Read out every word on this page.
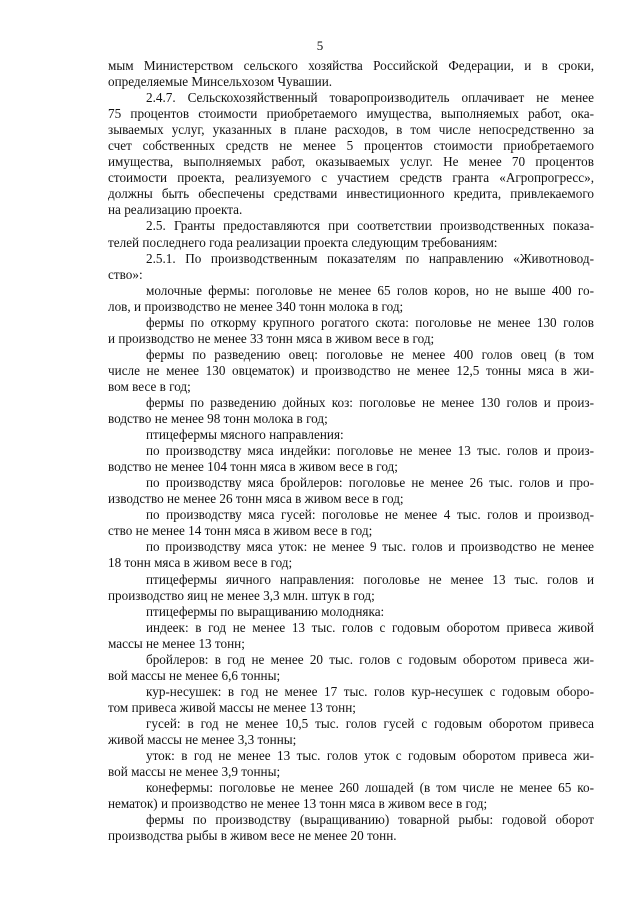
5
мым Министерством сельского хозяйства Российской Федерации, и в сроки,
определяемые Минсельхозом Чувашии.
2.4.7. Сельскохозяйственный товаропроизводитель оплачивает не менее
75 процентов стоимости приобретаемого имущества, выполняемых работ, ока-
зываемых услуг, указанных в плане расходов, в том числе непосредственно за
счет собственных средств не менее 5 процентов стоимости приобретаемого
имущества, выполняемых работ, оказываемых услуг. Не менее 70 процентов
стоимости проекта, реализуемого с участием средств гранта «Агропрогресс»,
должны быть обеспечены средствами инвестиционного кредита, привлекаемого
на реализацию проекта.
2.5. Гранты предоставляются при соответствии производственных показа-
телей последнего года реализации проекта следующим требованиям:
2.5.1. По производственным показателям по направлению «Животновод-
ство»:
молочные фермы: поголовье не менее 65 голов коров, но не выше 400 го-
лов, и производство не менее 340 тонн молока в год;
фермы по откорму крупного рогатого скота: поголовье не менее 130 голов
и производство не менее 33 тонн мяса в живом весе в год;
фермы по разведению овец: поголовье не менее 400 голов овец (в том
числе не менее 130 овцематок) и производство не менее 12,5 тонны мяса в жи-
вом весе в год;
фермы по разведению дойных коз: поголовье не менее 130 голов и произ-
водство не менее 98 тонн молока в год;
птицефермы мясного направления:
по производству мяса индейки: поголовье не менее 13 тыс. голов и произ-
водство не менее 104 тонн мяса в живом весе в год;
по производству мяса бройлеров: поголовье не менее 26 тыс. голов и про-
изводство не менее 26 тонн мяса в живом весе в год;
по производству мяса гусей: поголовье не менее 4 тыс. голов и производ-
ство не менее 14 тонн мяса в живом весе в год;
по производству мяса уток: не менее 9 тыс. голов и производство не менее
18 тонн мяса в живом весе в год;
птицефермы яичного направления: поголовье не менее 13 тыс. голов и
производство яиц не менее 3,3 млн. штук в год;
птицефермы по выращиванию молодняка:
индеек: в год не менее 13 тыс. голов с годовым оборотом привеса живой
массы не менее 13 тонн;
бройлеров: в год не менее 20 тыс. голов с годовым оборотом привеса жи-
вой массы не менее 6,6 тонны;
кур-несушек: в год не менее 17 тыс. голов кур-несушек с годовым оборо-
том привеса живой массы не менее 13 тонн;
гусей: в год не менее 10,5 тыс. голов гусей с годовым оборотом привеса
живой массы не менее 3,3 тонны;
уток: в год не менее 13 тыс. голов уток с годовым оборотом привеса жи-
вой массы не менее 3,9 тонны;
конефермы: поголовье не менее 260 лошадей (в том числе не менее 65 ко-
нематок) и производство не менее 13 тонн мяса в живом весе в год;
фермы по производству (выращиванию) товарной рыбы: годовой оборот
производства рыбы в живом весе не менее 20 тонн.
